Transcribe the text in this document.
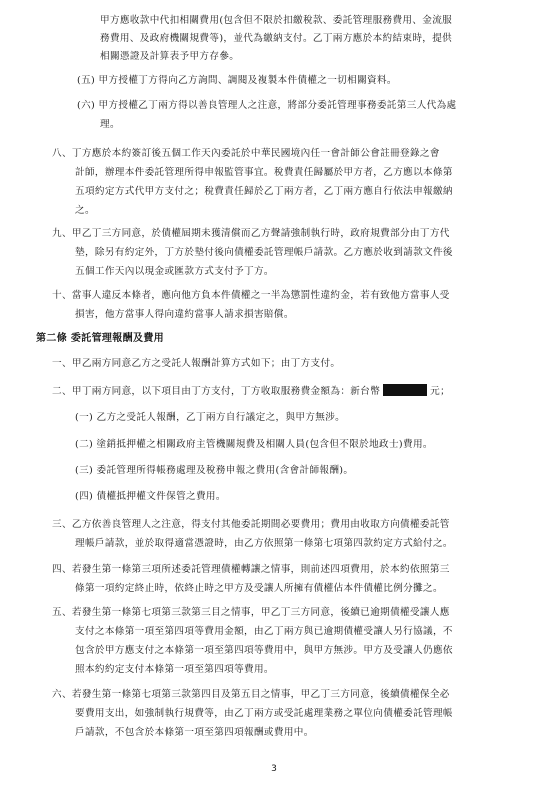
甲方應收款中代扣相關費用(包含但不限於扣繳稅款、委託管理服務費用、金流服
務費用、及政府機關規費等)，並代為繳納支付。乙丁兩方應於本約結束時，提供
相關憑證及計算表予甲方存參。
(五) 甲方授權丁方得向乙方詢問、調閱及複製本件債權之一切相關資料。
(六) 甲方授權乙丁兩方得以善良管理人之注意，將部分委託管理事務委託第三人代為處
理。
八、丁方應於本約簽訂後五個工作天內委託於中華民國境內任一會計師公會註冊登錄之會
計師，辦理本件委託管理所得申報監管事宜。稅費責任歸屬於甲方者，乙方應以本條第
五項約定方式代甲方支付之；稅費責任歸於乙丁兩方者，乙丁兩方應自行依法申報繳納
之。
九、甲乙丁三方同意，於債權屆期未獲清償而乙方聲請強制執行時，政府規費部分由丁方代
墊，除另有約定外，丁方於墊付後向債權委託管理帳戶請款。乙方應於收到請款文件後
五個工作天內以現金或匯款方式支付予丁方。
十、當事人違反本條者，應向他方負本件債權之一半為懲罰性違約金，若有致他方當事人受
損害，他方當事人得向違約當事人請求損害賠償。
第二條 委託管理報酬及費用
一、甲乙兩方同意乙方之受託人報酬計算方式如下；由丁方支付。
二、甲丁兩方同意，以下項目由丁方支付，丁方收取服務費金額為：新台幣	元；
(一) 乙方之受託人報酬，乙丁兩方自行議定之，與甲方無涉。
(二) 塗銷抵押權之相關政府主管機關規費及相關人員(包含但不限於地政士)費用。
(三) 委託管理所得帳務處理及稅務申報之費用(含會計師報酬)。
(四) 債權抵押權文件保管之費用。
三、乙方依善良管理人之注意，得支付其他委託期間必要費用；費用由收取方向債權委託管
理帳戶請款，並於取得適當憑證時，由乙方依照第一條第七項第四款約定方式給付之。
四、若發生第一條第三項所述委託管理債權轉讓之情事，則前述四項費用，於本約依照第三
條第一項約定終止時，依終止時之甲方及受讓人所擁有債權佔本件債權比例分攤之。
五、若發生第一條第七項第三款第三目之情事，甲乙丁三方同意，後續已逾期債權受讓人應
支付之本條第一項至第四項等費用金額，由乙丁兩方與已逾期債權受讓人另行協議，不
包含於甲方應支付之本條第一項至第四項等費用中，與甲方無涉。甲方及受讓人仍應依
照本約約定支付本條第一項至第四項等費用。
六、若發生第一條第七項第三款第四目及第五目之情事，甲乙丁三方同意，後續債權保全必
要費用支出，如強制執行規費等，由乙丁兩方或受託處理業務之單位向債權委託管理帳
戶請款，不包含於本條第一項至第四項報酬或費用中。
3
